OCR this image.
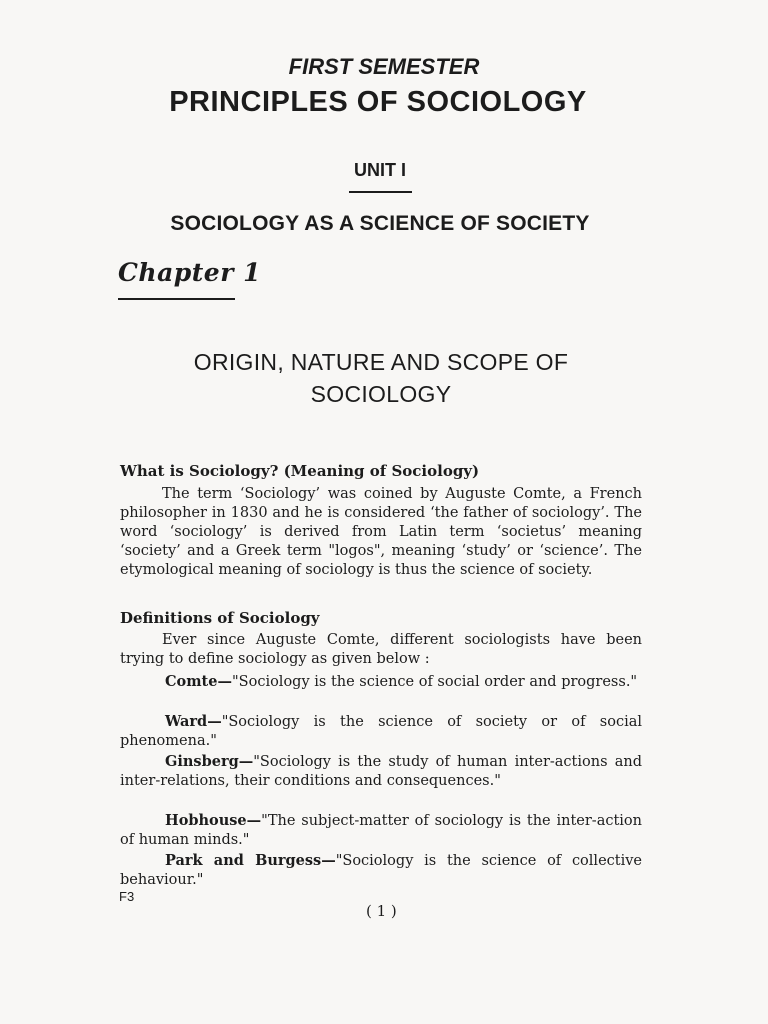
FIRST SEMESTER
PRINCIPLES OF SOCIOLOGY
UNIT I
SOCIOLOGY AS A SCIENCE OF SOCIETY
Chapter 1
ORIGIN, NATURE AND SCOPE OF
SOCIOLOGY
What is Sociology? (Meaning of Sociology)
The term ‘Sociology’ was coined by Auguste Comte, a French philosopher in 1830 and he is considered ‘the father of sociology’. The word ‘sociology’ is derived from Latin term ‘societus’ meaning ‘society’ and a Greek term "logos", meaning ‘study’ or ‘science’. The etymological meaning of sociology is thus the science of society.
Definitions of Sociology
Ever since Auguste Comte, different sociologists have been trying to define sociology as given below :
Comte—"Sociology is the science of social order and progress."
Ward—"Sociology is the science of society or of social phenomena."
Ginsberg—"Sociology is the study of human inter-actions and inter-relations, their conditions and consequences."
Hobhouse—"The subject-matter of sociology is the inter-action of human minds."
Park and Burgess—"Sociology is the science of collective behaviour."
F3
( 1 )
